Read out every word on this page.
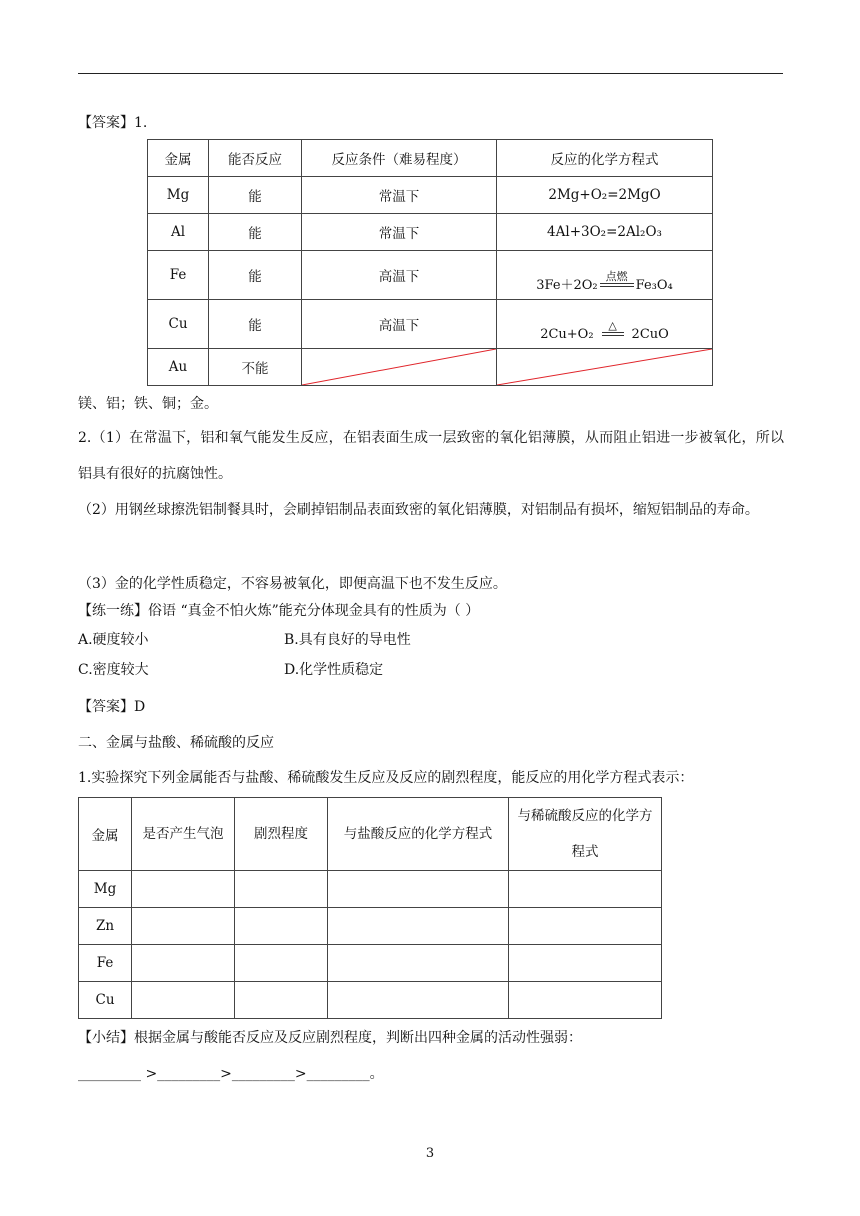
【答案】1.
金属	能否反应	反应条件（难易程度）	反应的化学方程式
Mg	能	常温下	2Mg+O₂=2MgO
Al	能	常温下	4Al+3O₂=2Al₂O₃
Fe	能	高温下	3Fe＋2O₂
点燃
Fe₃O₄

Cu	能	高温下	2Cu+O₂
△
2CuO

Au	不能	

镁、铝；铁、铜；金。
2.（1）在常温下，铝和氧气能发生反应，在铝表面生成一层致密的氧化铝薄膜，从而阻止铝进一步被氧化，所以铝具有很好的抗腐蚀性。
（2）用钢丝球擦洗铝制餐具时，会刷掉铝制品表面致密的氧化铝薄膜，对铝制品有损坏，缩短铝制品的寿命。
（3）金的化学性质稳定，不容易被氧化，即便高温下也不发生反应。
【练一练】俗语 “真金不怕火炼”能充分体现金具有的性质为（ ）
A.硬度较小	B.具有良好的导电性
C.密度较大	D.化学性质稳定
【答案】D
二、金属与盐酸、稀硫酸的反应
1.实验探究下列金属能否与盐酸、稀硫酸发生反应及反应的剧烈程度，能反应的用化学方程式表示：
金属	是否产生气泡	剧烈程度	与盐酸反应的化学方程式	与稀硫酸反应的化学方程式
Mg				
Zn				
Fe				
Cu				
【小结】根据金属与酸能否反应及反应剧烈程度，判断出四种金属的活动性强弱：
_________ >_________>_________>_________。
3
